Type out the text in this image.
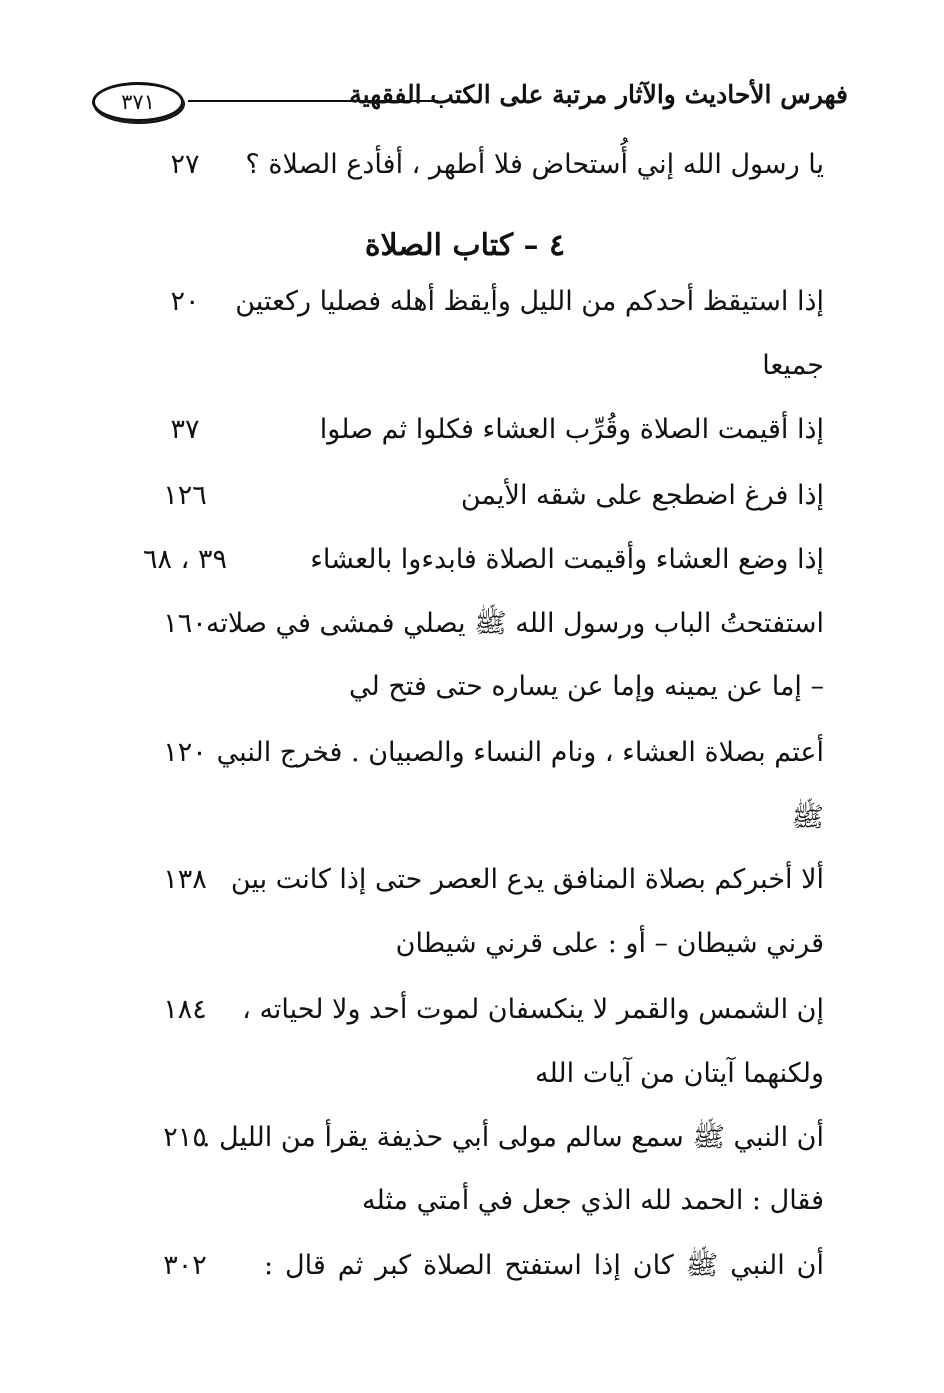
٣٧١	فهرس الأحاديث والآثار مرتبة على الكتب الفقهية
٤ – كتاب الصلاة
يا رسول الله إني أُستحاض فلا أطهر ، أفأدع الصلاة ؟
٢٧
إذا استيقظ أحدكم من الليل وأيقظ أهله فصليا ركعتين
٢٠
جميعا
إذا أقيمت الصلاة وقُرِّب العشاء فكلوا ثم صلوا
٣٧
إذا فرغ اضطجع على شقه الأيمن
١٢٦
إذا وضع العشاء وأقيمت الصلاة فابدءوا بالعشاء
٣٩ ، ٦٨
استفتحتُ الباب ورسول الله ﷺ يصلي فمشى في صلاته
١٦٠
– إما عن يمينه وإما عن يساره حتى فتح لي
أعتم بصلاة العشاء ، ونام النساء والصبيان . فخرج النبي
١٢٠
ﷺ
ألا أخبركم بصلاة المنافق يدع العصر حتى إذا كانت بين
١٣٨
قرني شيطان – أو : على قرني شيطان
إن الشمس والقمر لا ينكسفان لموت أحد ولا لحياته ،
١٨٤
ولكنهما آيتان من آيات الله
أن النبي ﷺ سمع سالم مولى أبي حذيفة يقرأ من الليل .
٢١٥
فقال : الحمد لله الذي جعل في أمتي مثله
أن النبي ﷺ كان إذا استفتح الصلاة كبر ثم قال :
٣٠٢
